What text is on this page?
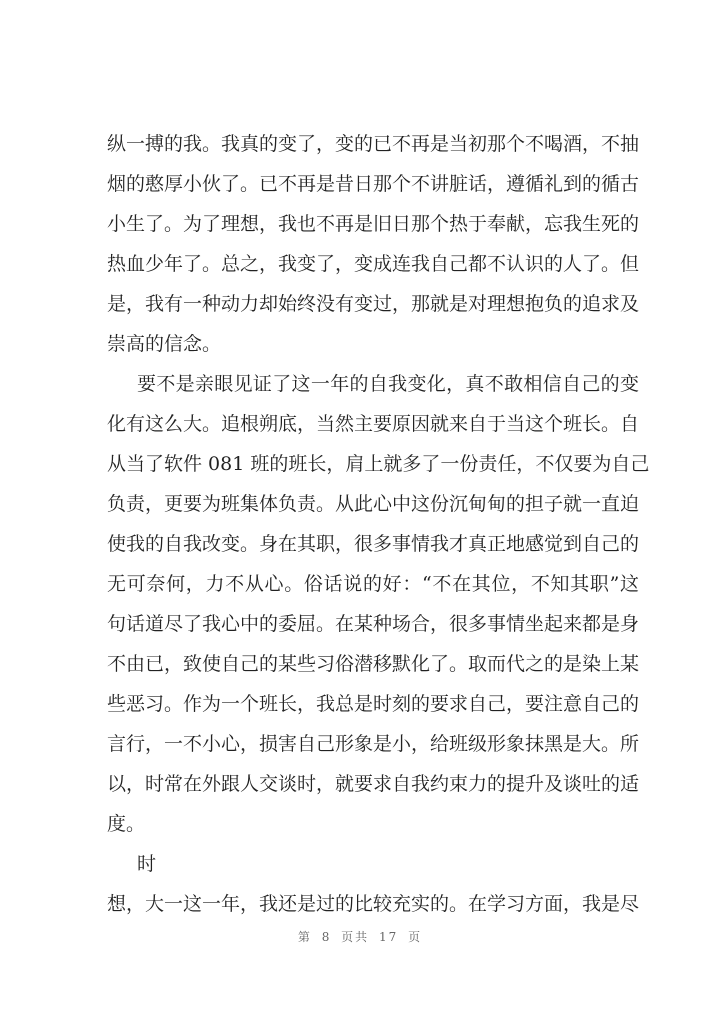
纵一搏的我。我真的变了，变的已不再是当初那个不喝酒，不抽
烟的憨厚小伙了。已不再是昔日那个不讲脏话，遵循礼到的循古
小生了。为了理想，我也不再是旧日那个热于奉献，忘我生死的
热血少年了。总之，我变了，变成连我自己都不认识的人了。但
是，我有一种动力却始终没有变过，那就是对理想抱负的追求及
崇高的信念。
要不是亲眼见证了这一年的自我变化，真不敢相信自己的变
化有这么大。追根朔底，当然主要原因就来自于当这个班长。自
从当了软件 081 班的班长，肩上就多了一份责任，不仅要为自己
负责，更要为班集体负责。从此心中这份沉甸甸的担子就一直迫
使我的自我改变。身在其职，很多事情我才真正地感觉到自己的
无可奈何，力不从心。俗话说的好：“不在其位，不知其职”这
句话道尽了我心中的委屈。在某种场合，很多事情坐起来都是身
不由已，致使自己的某些习俗潜移默化了。取而代之的是染上某
些恶习。作为一个班长，我总是时刻的要求自己，要注意自己的
言行，一不小心，损害自己形象是小，给班级形象抹黑是大。所
以，时常在外跟人交谈时，就要求自我约束力的提升及谈吐的适
度。
时
想，大一这一年，我还是过的比较充实的。在学习方面，我是尽
第 8 页共 17 页
